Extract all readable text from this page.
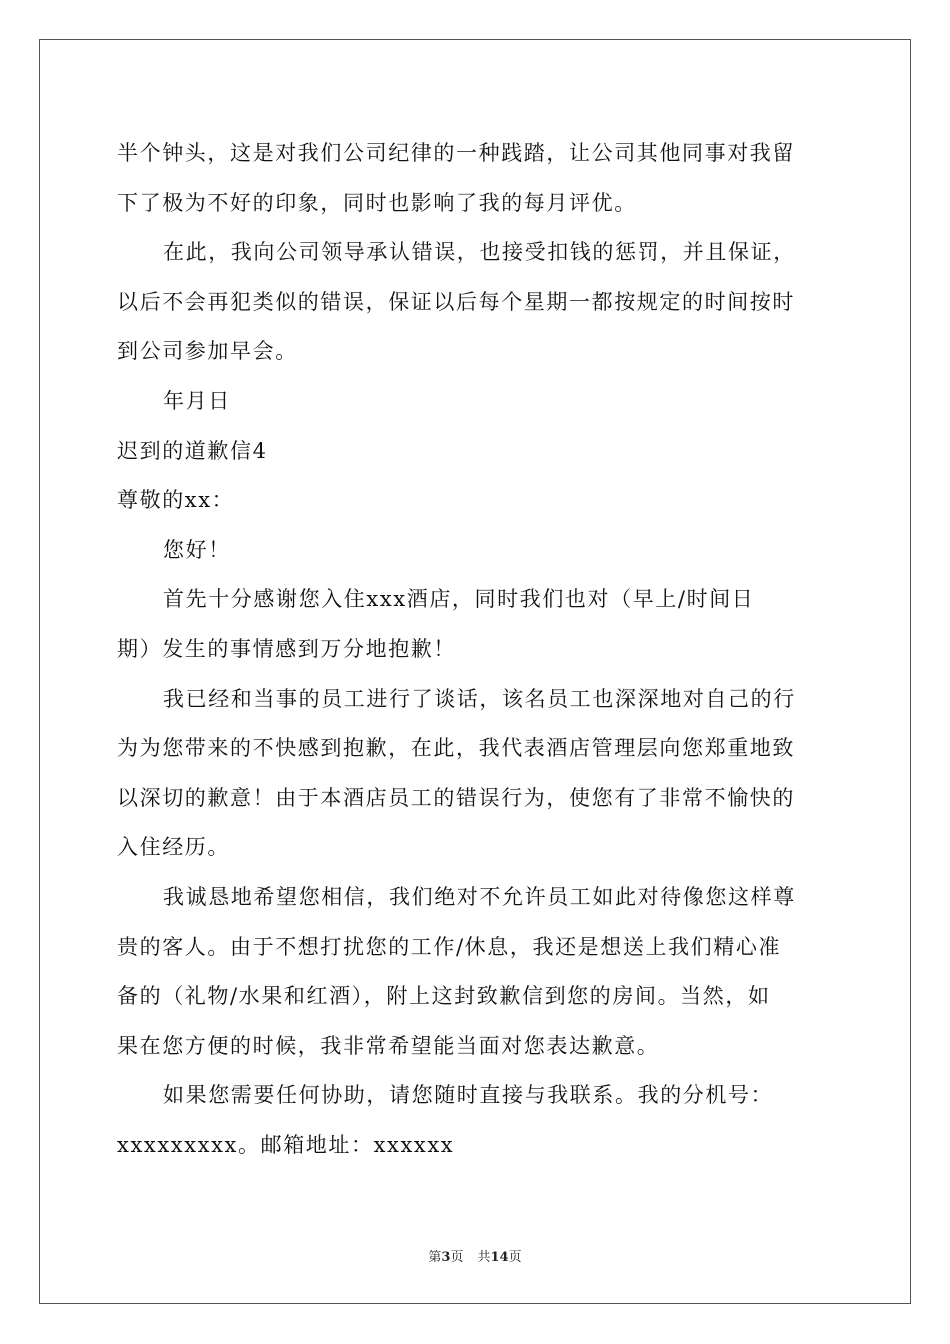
半个钟头，这是对我们公司纪律的一种践踏，让公司其他同事对我留
下了极为不好的印象，同时也影响了我的每月评优。
在此，我向公司领导承认错误，也接受扣钱的惩罚，并且保证，
以后不会再犯类似的错误，保证以后每个星期一都按规定的时间按时
到公司参加早会。
年月日
迟到的道歉信4
尊敬的xx：
您好！
首先十分感谢您入住xxx酒店，同时我们也对（早上/时间日
期）发生的事情感到万分地抱歉！
我已经和当事的员工进行了谈话，该名员工也深深地对自己的行
为为您带来的不快感到抱歉，在此，我代表酒店管理层向您郑重地致
以深切的歉意！由于本酒店员工的错误行为，使您有了非常不愉快的
入住经历。
我诚恳地希望您相信，我们绝对不允许员工如此对待像您这样尊
贵的客人。由于不想打扰您的工作/休息，我还是想送上我们精心准
备的（礼物/水果和红酒），附上这封致歉信到您的房间。当然，如
果在您方便的时候，我非常希望能当面对您表达歉意。
如果您需要任何协助，请您随时直接与我联系。我的分机号：
xxxxxxxxx。邮箱地址：xxxxxx
第3页 共14页
